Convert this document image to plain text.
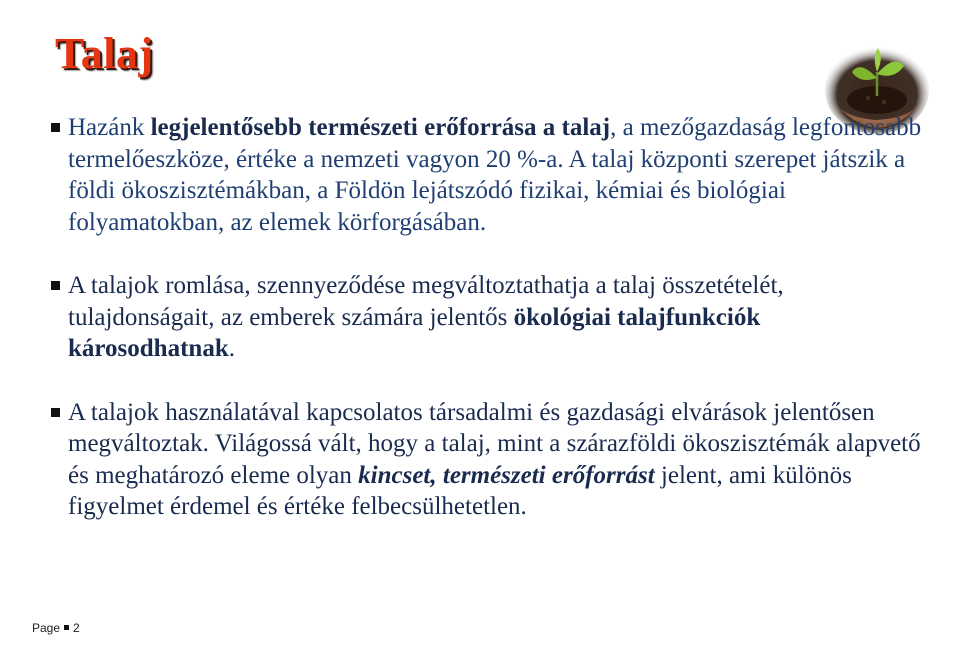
Talaj
Hazánk legjelentősebb természeti erőforrása a talaj, a mezőgazdaság legfontosabb termelőeszköze, értéke a nemzeti vagyon 20 %-a. A talaj központi szerepet játszik a földi ökoszisztémákban, a Földön lejátszódó fizikai, kémiai és biológiai folyamatokban, az elemek körforgásában.
A talajok romlása, szennyeződése megváltoztathatja a talaj összetételét, tulajdonságait, az emberek számára jelentős ökológiai talajfunkciók károsodhatnak.
A talajok használatával kapcsolatos társadalmi és gazdasági elvárások jelentősen megváltoztak. Világossá vált, hogy a talaj, mint a szárazföldi ökoszisztémák alapvető és meghatározó eleme olyan kincset, természeti erőforrást jelent, ami különös figyelmet érdemel és értéke felbecsülhetetlen.
Page 2
